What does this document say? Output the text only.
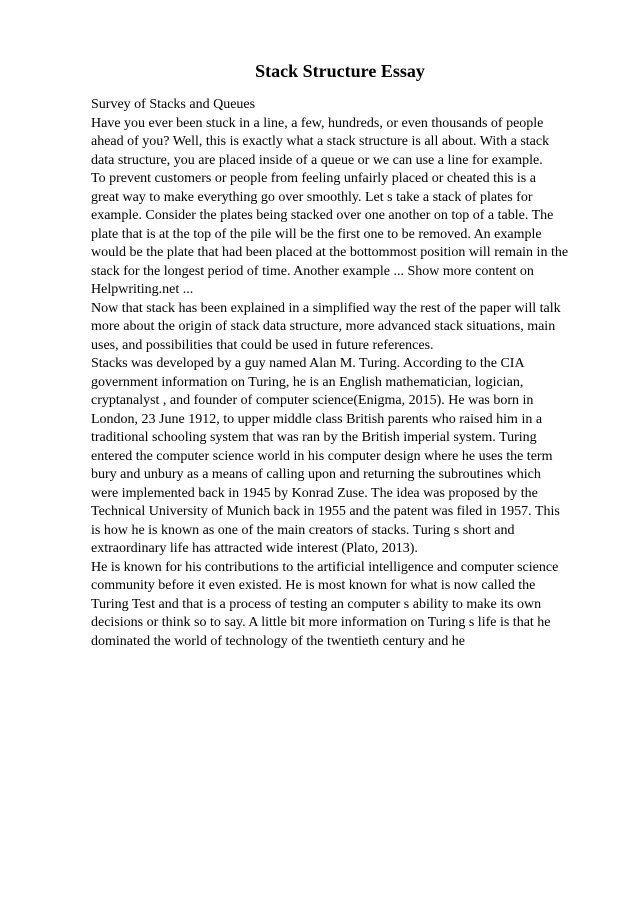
Stack Structure Essay
Survey of Stacks and Queues
Have you ever been stuck in a line, a few, hundreds, or even thousands of people
ahead of you? Well, this is exactly what a stack structure is all about. With a stack
data structure, you are placed inside of a queue or we can use a line for example.
To prevent customers or people from feeling unfairly placed or cheated this is a
great way to make everything go over smoothly. Let s take a stack of plates for
example. Consider the plates being stacked over one another on top of a table. The
plate that is at the top of the pile will be the first one to be removed. An example
would be the plate that had been placed at the bottommost position will remain in the
stack for the longest period of time. Another example ... Show more content on
Helpwriting.net ...
Now that stack has been explained in a simplified way the rest of the paper will talk
more about the origin of stack data structure, more advanced stack situations, main
uses, and possibilities that could be used in future references.
Stacks was developed by a guy named Alan M. Turing. According to the CIA
government information on Turing, he is an English mathematician, logician,
cryptanalyst , and founder of computer science(Enigma, 2015). He was born in
London, 23 June 1912, to upper middle class British parents who raised him in a
traditional schooling system that was ran by the British imperial system. Turing
entered the computer science world in his computer design where he uses the term
bury and unbury as a means of calling upon and returning the subroutines which
were implemented back in 1945 by Konrad Zuse. The idea was proposed by the
Technical University of Munich back in 1955 and the patent was filed in 1957. This
is how he is known as one of the main creators of stacks. Turing s short and
extraordinary life has attracted wide interest (Plato, 2013).
He is known for his contributions to the artificial intelligence and computer science
community before it even existed. He is most known for what is now called the
Turing Test and that is a process of testing an computer s ability to make its own
decisions or think so to say. A little bit more information on Turing s life is that he
dominated the world of technology of the twentieth century and he
